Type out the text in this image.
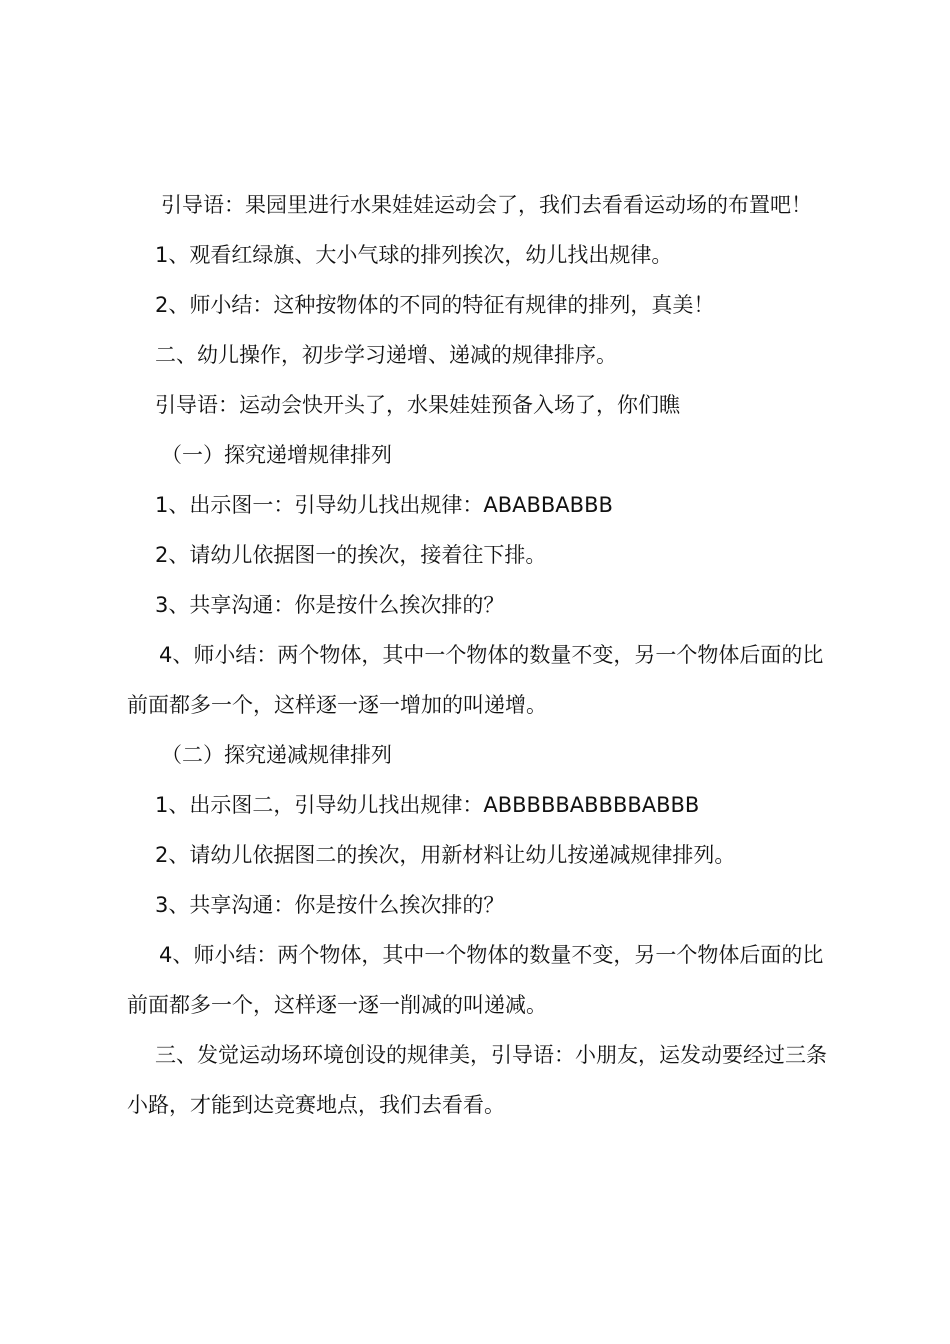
引导语：果园里进行水果娃娃运动会了，我们去看看运动场的布置吧！

1、观看红绿旗、大小气球的排列挨次，幼儿找出规律。

2、师小结：这种按物体的不同的特征有规律的排列，真美！

二、幼儿操作，初步学习递增、递减的规律排序。

引导语：运动会快开头了，水果娃娃预备入场了，你们瞧

（一）探究递增规律排列

1、出示图一：引导幼儿找出规律：ABABBABBB

2、请幼儿依据图一的挨次，接着往下排。

3、共享沟通：你是按什么挨次排的？

4、师小结：两个物体，其中一个物体的数量不变，另一个物体后面的比前面都多一个，这样逐一逐一增加的叫递增。

（二）探究递减规律排列

1、出示图二，引导幼儿找出规律：ABBBBBABBBBABBB

2、请幼儿依据图二的挨次，用新材料让幼儿按递减规律排列。

3、共享沟通：你是按什么挨次排的？

4、师小结：两个物体，其中一个物体的数量不变，另一个物体后面的比前面都多一个，这样逐一逐一削减的叫递减。

三、发觉运动场环境创设的规律美，引导语：小朋友，运发动要经过三条小路，才能到达竞赛地点，我们去看看。
